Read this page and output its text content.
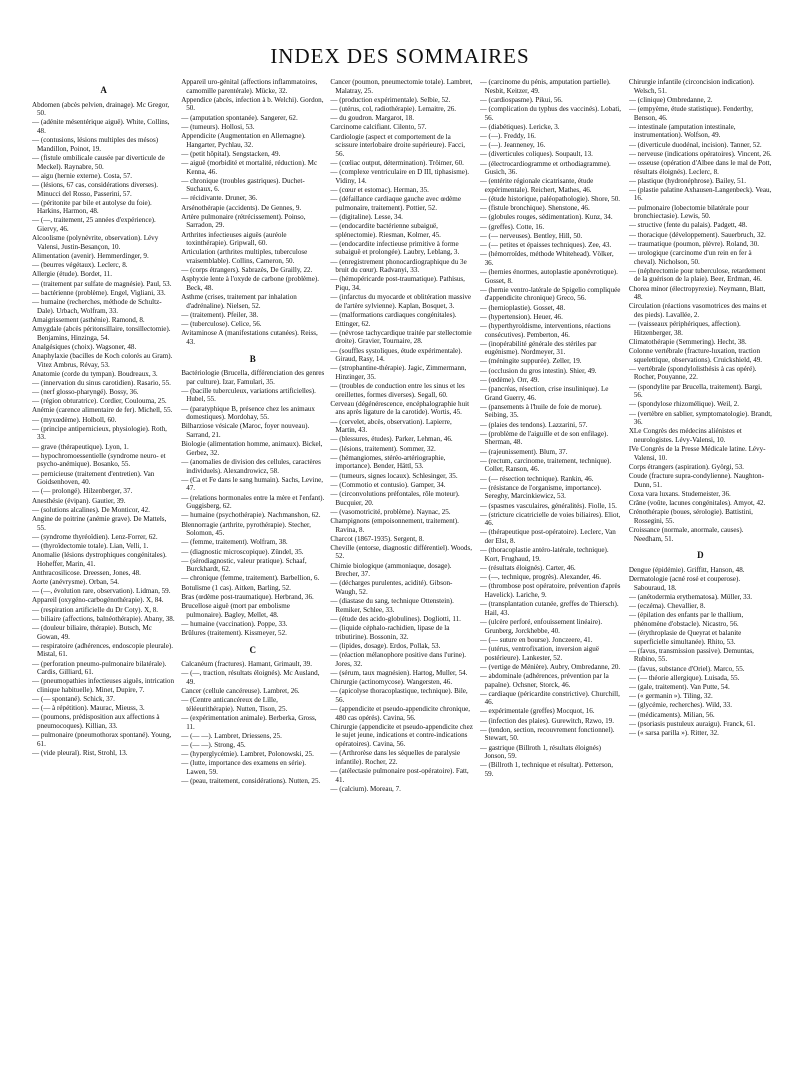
INDEX DES SOMMAIRES
A
Abdomen (abcès pelvien, drainage). Mc Gregor, 50.
— (adénite mésentérique aiguë). White, Collins, 48.
— (contusions, lésions multiples des mésos) Mandillon, Poinot, 19.
— (fistule ombilicale causée par diverticule de Meckel). Raynabre, 50.
— aigu (hernie externe). Costa, 57.
— (lésions, 67 cas, considérations diverses). Minucci del Rosso, Passerini, 57.
— (péritonite par bile et autolyse du foie). Harkins, Harmon, 48.
— (—, traitement, 25 années d'expérience). Giervy, 46.
Alcoolisme (polynévrite, observation). Lévy Valensi, Justin-Besançon, 10.
Alimentation (avenir). Hemmerdinger, 9.
— (beurres végétaux). Leclerc, 8.
Allergie (étude). Bordet, 11.
— (traitement par sulfate de magnésie). Paul, 53.
— bactérienne (problème). Engel, Vigliani, 33.
— humaine (recherches, méthode de Schultz-Dale). Urbach, Wolfram, 33.
Amaigrissement (asthénie). Ramond, 8.
Amygdale (abcès péritonsillaire, tonsillectomie). Benjamins, Hinzinga, 54.
Analgésiques (choix). Wagsoner, 48.
Anaphylaxie (bacilles de Koch colorés au Gram). Vitez Ambrus, Révay, 53.
Anatomie (corde du tympan). Boudreaux, 3.
— (innervation du sinus carotidien). Rasario, 55.
— (nerf glosso-pharyngé). Bossy, 36.
— (région obturatrice). Cordier, Coulouma, 25.
Anémie (carence alimentaire de fer). Michell, 55.
— (myxœdème). Holboll, 60.
— (principe antipernicieux, physiologie). Roth, 33.
— grave (thérapeutique). Lyon, 1.
— hypochromoessentielle (syndrome neuro- et psycho-anémique). Bosanko, 55.
— pernicieuse (traitement d'entretien). Van Goidsenhoven, 40.
— (— prolongé). Hilzenberger, 37.
Anesthésie (évipan). Gautier, 39.
— (solutions alcalines). De Monticor, 42.
Angine de poitrine (anémie grave). De Mattels, 55.
— (syndrome thyréoïdien). Lenz-Forrer, 62.
— (thyroïdectomie totale). Lian, Velli, 1.
Anomalie (lésions dystrophiques congénitales). Hoheffer, Marin, 41.
Anthracosilicose. Dreessen, Jones, 48.
Aorte (anévrysme). Orban, 54.
— (—, évolution rare, observation). Lidman, 59.
Appareil (oxygéno-carbogénothérapie). X, 84.
— (respiration artificielle du Dr Coty). X, 8.
— biliaire (affections, balnéothérapie). Abany, 38.
— (douleur biliaire, thérapie). Butsch, Mc Gowan, 49.
— respiratoire (adhérences, endoscopie pleurale). Mistal, 61.
— (perforation pneumo-pulmonaire bilatérale). Cardis, Gilliard, 61.
— (pneumopathies infectieuses aiguës, intrication clinique habituelle). Minet, Dupire, 7.
— (— spontané). Schick, 37.
— (— à répétition). Maurac, Mieuss, 3.
— (poumons, prédisposition aux affections à pneumocoques). Killian, 33.
— pulmonaire (pneumothorax spontané). Young, 61.
— (vide pleural). Rist, Strohl, 13.
Appareil uro-génital (affections inflammatoires, camomille parentérale). Mücke, 32.
Appendice (abcès, infection à b. Welchi). Gordon, 50.
— (amputation spontanée). Sangerer, 62.
— (tumeurs). Hollosi, 53.
Appendicite (Augmentation en Allemagne). Hangarter, Pychlau, 32.
— (petit hôpital). Sengstacken, 49.
— aiguë (morbidité et mortalité, réduction). Mc Kenna, 46.
— chronique (troubles gastriques). Duchet-Suchaux, 6.
— récidivante. Druner, 36.
Arsénothérapie (accidents). De Gennes, 9.
Artère pulmonaire (rétrécissement). Poinso, Sarradon, 29.
Arthrites infectieuses aiguës (auréole toxinthérapie). Gripwall, 60.
Articulation (arthrites multiples, tuberculose vraisemblable). Collins, Cameron, 50.
— (corps étrangers). Sabrazès, De Grailly, 22.
Asphyxie lente à l'oxyde de carbone (problème). Beck, 48.
Asthme (crises, traitement par inhalation d'adrénaline). Nielsen, 52.
— (traitement). Pfeiler, 38.
— (tuberculose). Celice, 56.
Avitaminose A (manifestations cutanées). Reiss, 43.
B
Bactériologie (Brucella, différenciation des genres par culture). Izar, Famulari, 35.
— (bacille tuberculeux, variations artificielles). Hubel, 55.
— (paratyphique B, présence chez les animaux domestiques). Mordohay, 55.
Bilharziose vésicale (Maroc, foyer nouveau). Sarrand, 21.
Biologie (alimentation homme, animaux). Bickel, Gerbez, 32.
— (anomalies de division des cellules, caractères individuels). Alexandrowicz, 58.
— (Ca et Fe dans le sang humain). Sachs, Levine, 47.
— (relations hormonales entre la mère et l'enfant). Guggisberg, 62.
— humaine (psychothérapie). Nachmanshon, 62.
Blennorragie (arthrite, pyrothérapie). Stecher, Solomon, 45.
— (femme, traitement). Wolfram, 38.
— (diagnostic microscopique). Zündel, 35.
— (sérodiagnostic, valeur pratique). Schaaf, Burckhardt, 62.
— chronique (femme, traitement). Barbellion, 6.
Botulisme (1 cas). Aitken, Barling, 52.
Bras (œdème post-traumatique). Herbrand, 36.
Brucellose aiguë (mort par embolisme pulmonaire). Bagley, Mellet, 48.
— humaine (vaccination). Poppe, 33.
Brûlures (traitement). Kissmeyer, 52.
C
Calcanéum (fractures). Hamant, Grimault, 39.
— (—, traction, résultats éloignés). Mc Ausland, 49.
Cancer (cellule cancéreuse). Lambret, 26.
— (Centre anticancéreux de Lille, téléeurithérapie). Nutten, Tison, 25.
— (expérimentation animale). Berberka, Gross, 11.
— (— —). Lambret, Driessens, 25.
— (— —). Strong, 45.
— (hyperglycémie). Lambret, Polonowski, 25.
— (lutte, importance des examens en série). Lawen, 59.
— (peau, traitement, considérations). Nutten, 25.
Cancer (poumon, pneumectomie totale). Lambret, Malatray, 25.
— (production expérimentale). Selbie, 52.
— (utérus, col, radiothérapie). Lemaitre, 26.
— du goudron. Margarot, 18.
Carcinome calcifiant. Cilento, 57.
Cardiologie (aspect et comportement de la scissure interlobaire droite supérieure). Facci, 56.
— (cœliac output, détermination). Tröimer, 60.
— (complexe ventriculaire en D III, tiphasisme). Vidiny, 14.
— (cœur et estomac). Herman, 35.
— (défaillance cardiaque gauche avec œdème pulmonaire, traitement). Pottier, 52.
— (digitaline). Lesse, 34.
— (endocardite bactérienne subaiguë, splénectomie). Riesman, Kolmer, 45.
— (endocardite infectieuse primitive à forme subaiguë et prolongée). Laubry, Leblang, 3.
— (enregistrement phonocardiographique du 3e bruit du cœur). Radvanyi, 33.
— (hémopéricarde post-traumatique). Pathisus, Piqu, 34.
— (infarctus du myocarde et oblitération massive de l'artère sylvienne). Kaplan, Bosquet, 3.
— (malformations cardiaques congénitales). Ettinger, 62.
— (névrose tachycardique traitée par stellectomie droite). Gravier, Tournaire, 28.
— (souffles systoliques, étude expérimentale). Giraud, Rasy, 14.
— (strophantine-thérapie). Jagic, Zimmermann, Hinzinger, 35.
— (troubles de conduction entre les sinus et les oreillettes, formes diverses). Segall, 60.
Cerveau (dégénérescence, encéphalographie huit ans après ligature de la carotide). Wortis, 45.
— (cervelet, abcès, observation). Lapierre, Martin, 43.
— (blessures, études). Parker, Lehman, 46.
— (lésions, traitement). Sommer, 32.
— (hémangiomes, stéréo-artériographie, importance). Bender, Hättl, 53.
— (tumeurs, signes locaux). Schlesinger, 35.
— (Commotio et contusio). Gamper, 34.
— (circonvolutions préfontales, rôle moteur). Bucquier, 20.
— (vasomotricité, problème). Naynac, 25.
Champignons (empoisonnement, traitement). Ravina, 8.
Charcot (1867-1935). Sergent, 8.
Cheville (entorse, diagnostic différentiel). Woods, 52.
Chimie biologique (ammoniaque, dosage). Brecher, 37.
— (décharges purulentes, acidité). Gibson-Waugh, 52.
— (diastase du sang, technique Ottenstein). Remiker, Schlee, 33.
— (étude des acido-globulines). Dogliotti, 11.
— (liquide céphalo-rachidien, lipase de la tributirine). Bossonin, 32.
— (lipides, dosage). Erdos, Pollak, 53.
— (réaction mélanophore positive dans l'urine). Jores, 32.
— (sérum, taux magnésien). Hartog, Muller, 54.
Chirurgie (actinomycose). Wangersten, 46.
— (apicolyse thoracoplastique, technique). Bile, 56.
— (appendicite et pseudo-appendicite chronique, 480 cas opérés). Cavina, 56.
Chirurgie (appendicite et pseudo-appendicite chez le sujet jeune, indications et contre-indications opératoires). Cavina, 56.
— (Arthrorèse dans les séquelles de paralysie infantile). Rocher, 22.
— (atélectasie pulmonaire post-opératoire). Fatt, 41.
— (calcium). Moreau, 7.
— (carcinome du pénis, amputation partielle). Nesbit, Keitzer, 49.
— (cardiospasme). Pikui, 56.
— (complication du typhus des vaccinés). Lobati, 56.
— (diabétiques). Lericke, 3.
— (—). Freddy, 16.
— (—). Jeanneney, 16.
— (diverticules coliques). Soupault, 13.
— (électrocardiogramme et orthodiagramme). Gusich, 36.
— (entérite régionale cicatrisante, étude expérimentale). Reichert, Mathes, 46.
— (étude historique, paléopathologie). Shore, 50.
— (fistule bronchique). Shenstone, 46.
— (globules rouges, sédimentation). Kunz, 34.
— (greffes). Cotte, 16.
— (— nerveuses). Bentley, Hill, 50.
— (— petites et épaisses techniques). Zee, 43.
— (hémorroïdes, méthode Whitehead). Völker, 36.
— (hernies énormes, autoplastie aponévrotique). Gosset, 8.
— (hernie ventro-latérale de Spigelio compliquée d'appendicite chronique) Greco, 56.
— (hernioplastie). Gosset, 48.
— (hypertension). Heuer, 46.
— (hyperthyroïdisme, interventions, réactions consécutives). Pemberton, 46.
— (inopérabilité générale des stériles par eugénisme). Nordmeyer, 31.
— (méningite suppurée). Zeller, 19.
— (occlusion du gros intestin). Shier, 49.
— (œdème). Orr, 49.
— (pancréas, résection, crise insulinique). Le Grand Guerry, 46.
— (pansements à l'huile de foie de morue). Seibing, 35.
— (plaies des tendons). Lazzarini, 57.
— (problème de l'aiguille et de son enfilage). Sherman, 48.
— (rajeunissement). Blum, 37.
— (rectum, carcinome, traitement, technique). Coller, Ranson, 46.
— (— résection technique). Rankin, 46.
— (résistance de l'organisme, importance). Sereghy, Marcinkiewicz, 53.
— (spasmes vasculaires, généralités). Fiolle, 15.
— (stricture cicatricielle de voies biliaires). Eliot, 46.
— (thérapeutique post-opératoire). Leclerc, Van der Elst, 8.
— (thoracoplastie antéro-latérale, technique). Kort, Frughaud, 19.
— (résultats éloignés). Carter, 46.
— (—, technique, progrès). Alexander, 46.
— (thrombose post opératoire, prévention d'après Havelick). Lariche, 9.
— (transplantation cutanée, greffes de Thiersch). Hail, 43.
— (ulcère perforé, enfouissement linéaire). Grunberg, Jorckhebbe, 40.
— (— suture en bourse). Jonczeere, 41.
— (utérus, ventrofixation, inversion aiguë postérieure). Lankester, 52.
— (vertige de Ménière). Aubry, Ombredanne, 20.
— abdominale (adhérences, prévention par la papaïne). Ochsner, Storck, 46.
— cardiaque (péricardite constrictive). Churchill, 46.
— expérimentale (greffes) Mocquot, 16.
— (infection des plaies). Gurewitch, Rzwo, 19.
— (tendon, section, recouvrement fonctionnel). Stewart, 50.
— gastrique (Billroth 1, résultats éloignés) Jonson, 59.
— (Billroth 1, technique et résultat). Petterson, 59.
Chirurgie infantile (circoncision indication). Welsch, 51.
— (clinique) Ombredanne, 2.
— (empyème, étude statistique). Fenderthy, Benson, 46.
— intestinale (amputation intestinale, instrumentation). Wolfson, 49.
— (diverticule duodénal, incision). Tanner, 52.
— nerveuse (indications opératoires). Vincent, 26.
— osseuse (opération d'Albee dans le mal de Pott, résultats éloignés). Leclerc, 8.
— plastique (hydronéphrose). Bailey, 51.
— (plastie palatine Axhausen-Langenbeck). Veau, 16.
— pulmonaire (lobectomie bilatérale pour bronchiectasie). Lewis, 50.
— structive (fente du palais). Padgett, 48.
— thoracique (développement). Sauerbruch, 32.
— traumatique (poumon, plèvre). Roland, 30.
— urologique (carcinome d'un rein en fer à cheval). Nicholson, 50.
— (néphrectomie pour tuberculose, retardement de la guérison de la plaie). Beer, Erdman, 46.
Chorea minor (électropyrexie). Neymann, Blatt, 48.
Circulation (réactions vasomotrices des mains et des pieds). Lavallée, 2.
— (vaisseaux périphériques, affection). Hitzenberger, 38.
Climatothérapie (Semmering). Hecht, 38.
Colonne vertébrale (fracture-luxation, traction squelettique, observations). Cruickshield, 49.
— vertébrale (spondylolisthésis à cas opéré). Rocher, Pouyanne, 22.
— (spondylite par Brucella, traitement). Bargi, 56.
— (spondylose rhizomélique). Weil, 2.
— (vertèbre en sablier, symptomatologie). Brandt, 36.
XLe Congrès des médecins aliénistes et neurologistes. Lévy-Valensi, 10.
IVe Congrès de la Presse Médicale latine. Lévy-Valensi, 10.
Corps étrangers (aspiration). Györgi, 53.
Coude (fracture supra-condylienne). Naughton-Dunn, 51.
Coxa vara luxans. Studemeister, 36.
Crâne (voûte, lacunes congénitales). Amyot, 42.
Crénothérapie (boues, sérologie). Battistini, Rossegini, 55.
Croissance (normale, anormale, causes). Needham, 51.
D
Dengue (épidémie). Griffitt, Hanson, 48.
Dermatologie (acné rosé et couperose). Sabouraud, 18.
— (anétodermia erythematosa). Müller, 33.
— (eczéma). Chevallier, 8.
— (épilation des enfants par le thallium, phénomène d'obstacle). Nicastro, 56.
— (érythroplasie de Queyrat et balanite superficielle simultanée). Rhito, 53.
— (favus, transmission passive). Demuntas, Rubino, 55.
— (favus, substance d'Oriel). Marco, 55.
— (— théorie allergique). Luisada, 55.
— (gale, traitement). Van Putte, 54.
— (« germanin »). Tiling, 32.
— (glycémie, recherches). Wild, 33.
— (médicaments). Milian, 56.
— (psoriasis pustuleux auraigu). Franck, 61.
— (« sarsa parilla »). Ritter, 32.
